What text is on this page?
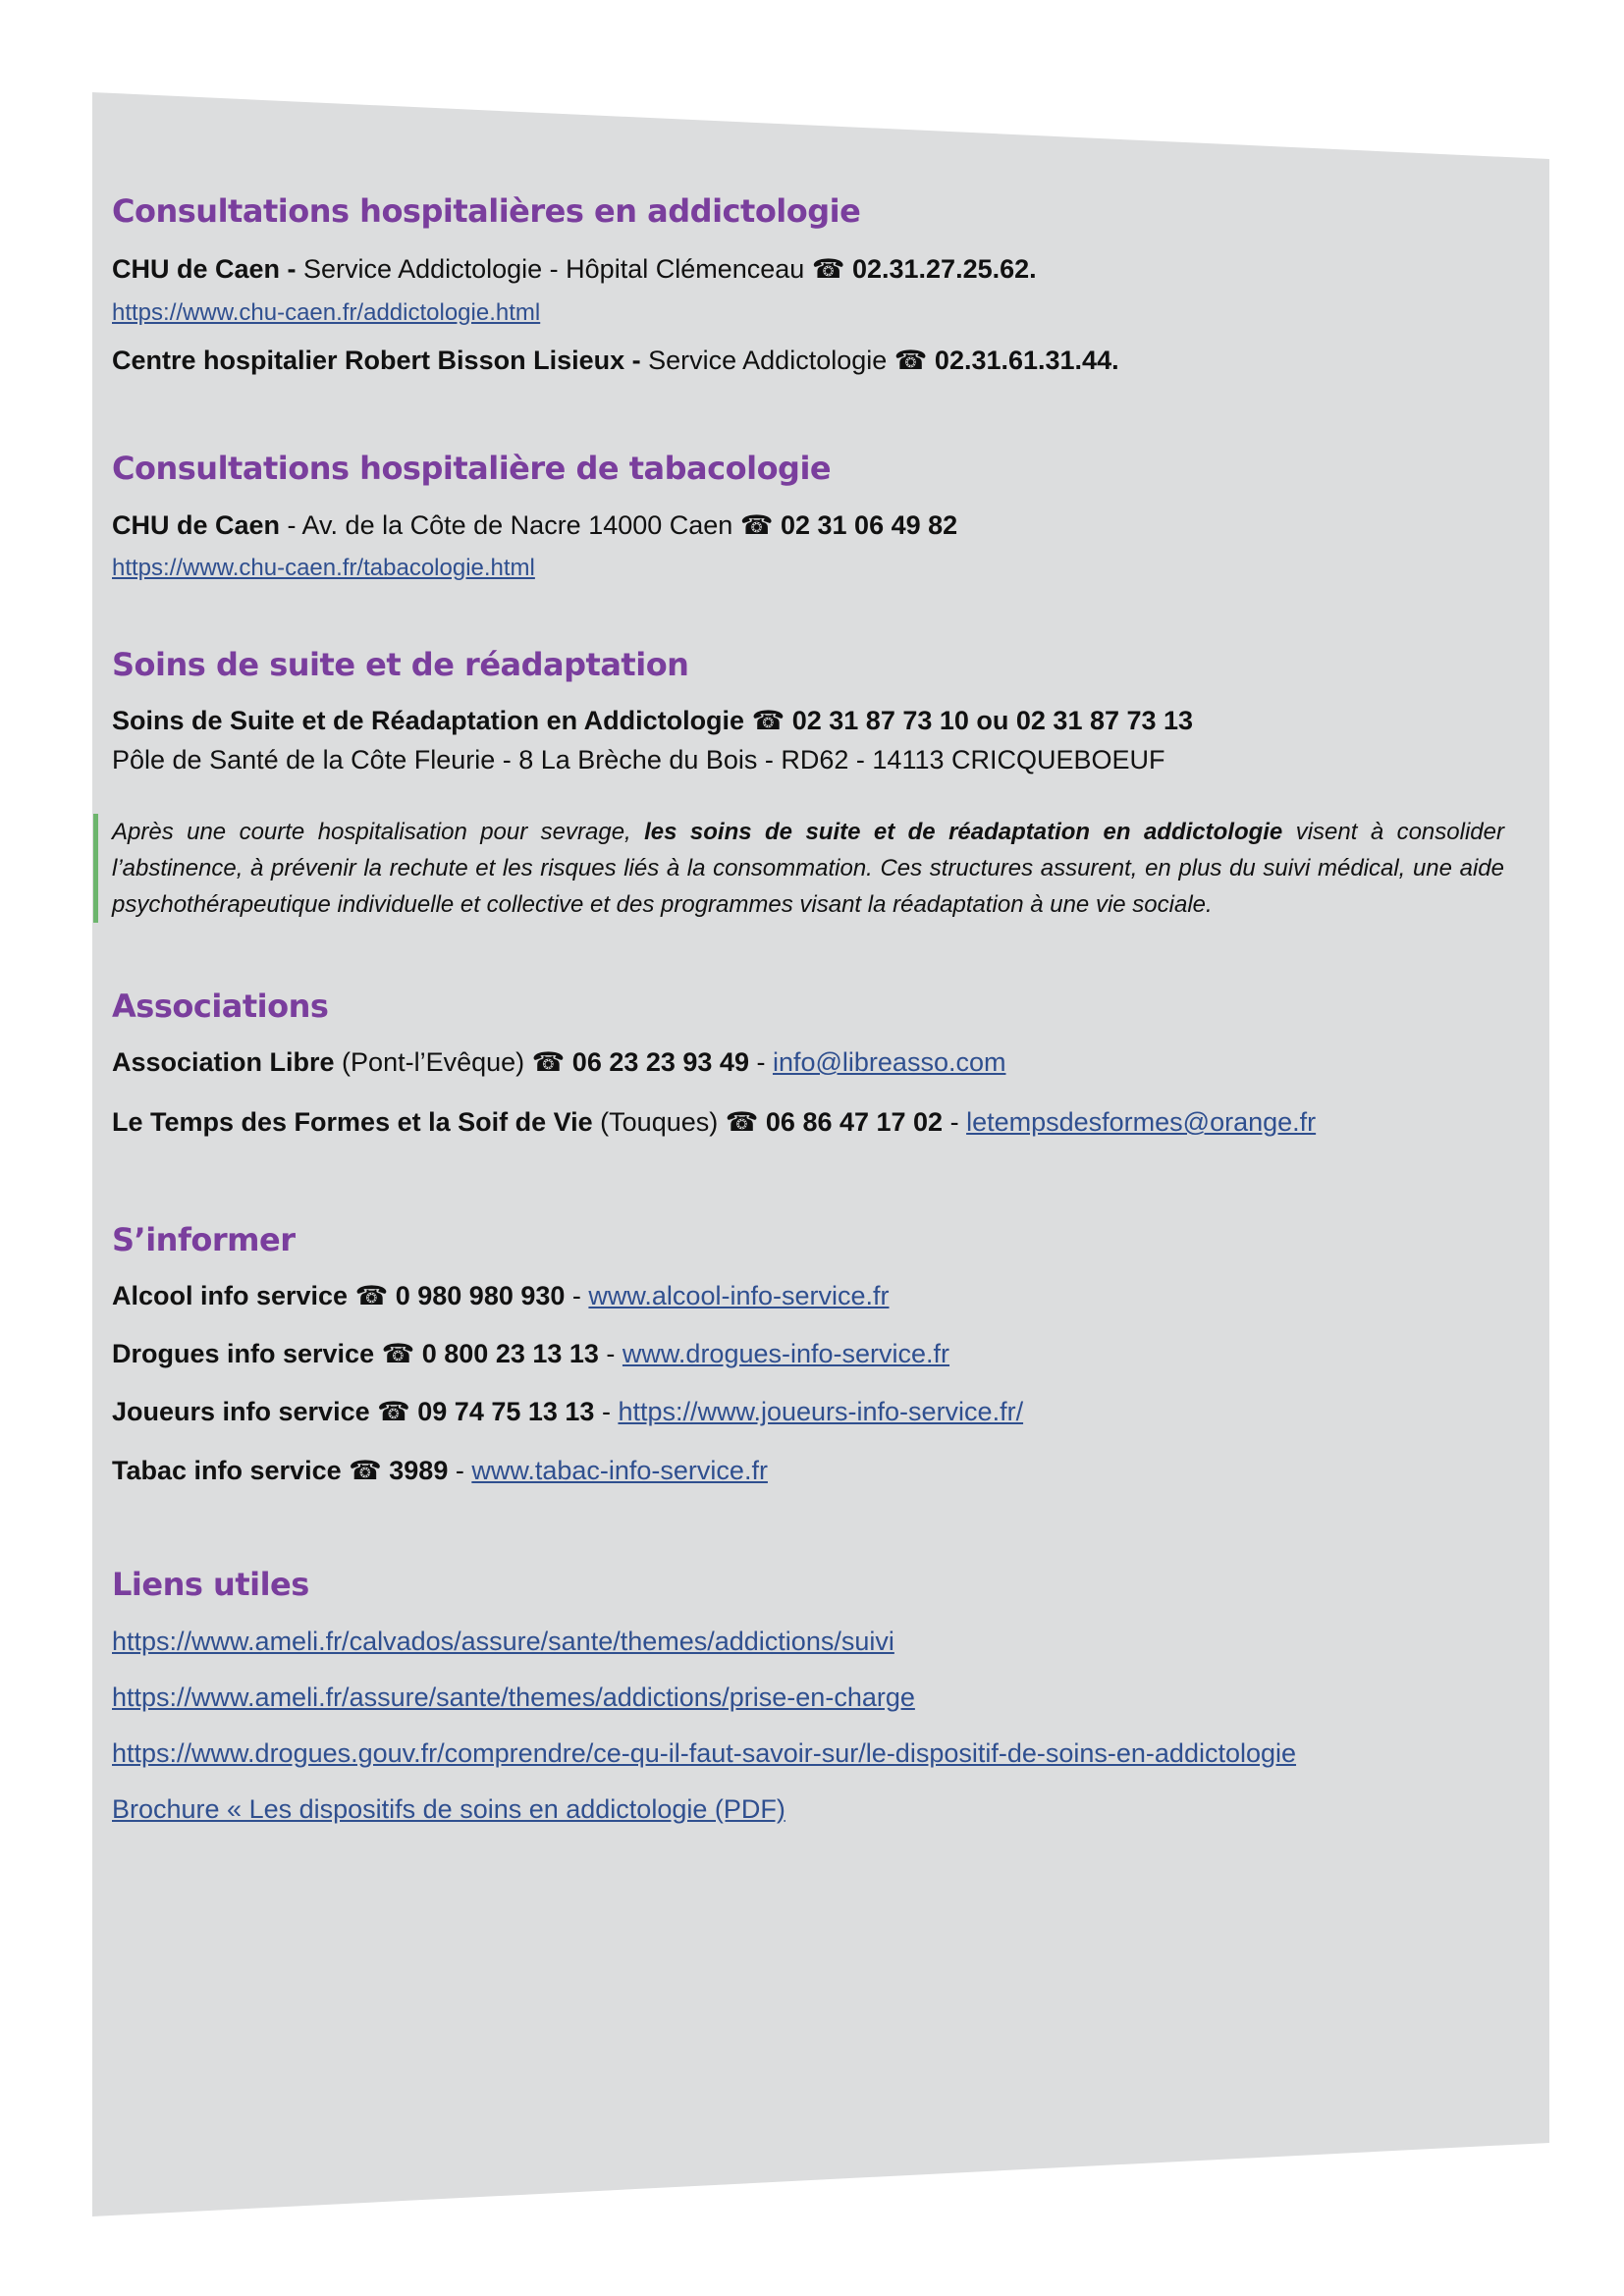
Consultations hospitalières en addictologie

CHU de Caen - Service Addictologie - Hôpital Clémenceau ☎ 02.31.27.25.62.

https://www.chu-caen.fr/addictologie.html

Centre hospitalier Robert Bisson Lisieux - Service Addictologie ☎ 02.31.61.31.44.

Consultations hospitalière de tabacologie

CHU de Caen - Av. de la Côte de Nacre 14000 Caen ☎ 02 31 06 49 82

https://www.chu-caen.fr/tabacologie.html

Soins de suite et de réadaptation

Soins de Suite et de Réadaptation en Addictologie ☎ 02 31 87 73 10 ou 02 31 87 73 13

Pôle de Santé de la Côte Fleurie - 8 La Brèche du Bois - RD62 - 14113 CRICQUEBOEUF

Après une courte hospitalisation pour sevrage, les soins de suite et de réadaptation en addictologie visent à consolider l’abstinence, à prévenir la rechute et les risques liés à la consommation. Ces structures assurent, en plus du suivi médical, une aide psychothérapeutique individuelle et collective et des programmes visant la réadaptation à une vie sociale.
Associations

Association Libre (Pont-l’Evêque) ☎ 06 23 23 93 49 - info@libreasso.com

Le Temps des Formes et la Soif de Vie (Touques) ☎ 06 86 47 17 02 - letempsdesformes@orange.fr

S’informer

Alcool info service ☎ 0 980 980 930 - www.alcool-info-service.fr

Drogues info service ☎ 0 800 23 13 13 - www.drogues-info-service.fr

Joueurs info service ☎ 09 74 75 13 13 - https://www.joueurs-info-service.fr/

Tabac info service ☎ 3989 - www.tabac-info-service.fr

Liens utiles

https://www.ameli.fr/calvados/assure/sante/themes/addictions/suivi

https://www.ameli.fr/assure/sante/themes/addictions/prise-en-charge

https://www.drogues.gouv.fr/comprendre/ce-qu-il-faut-savoir-sur/le-dispositif-de-soins-en-addictologie

Brochure « Les dispositifs de soins en addictologie (PDF)
